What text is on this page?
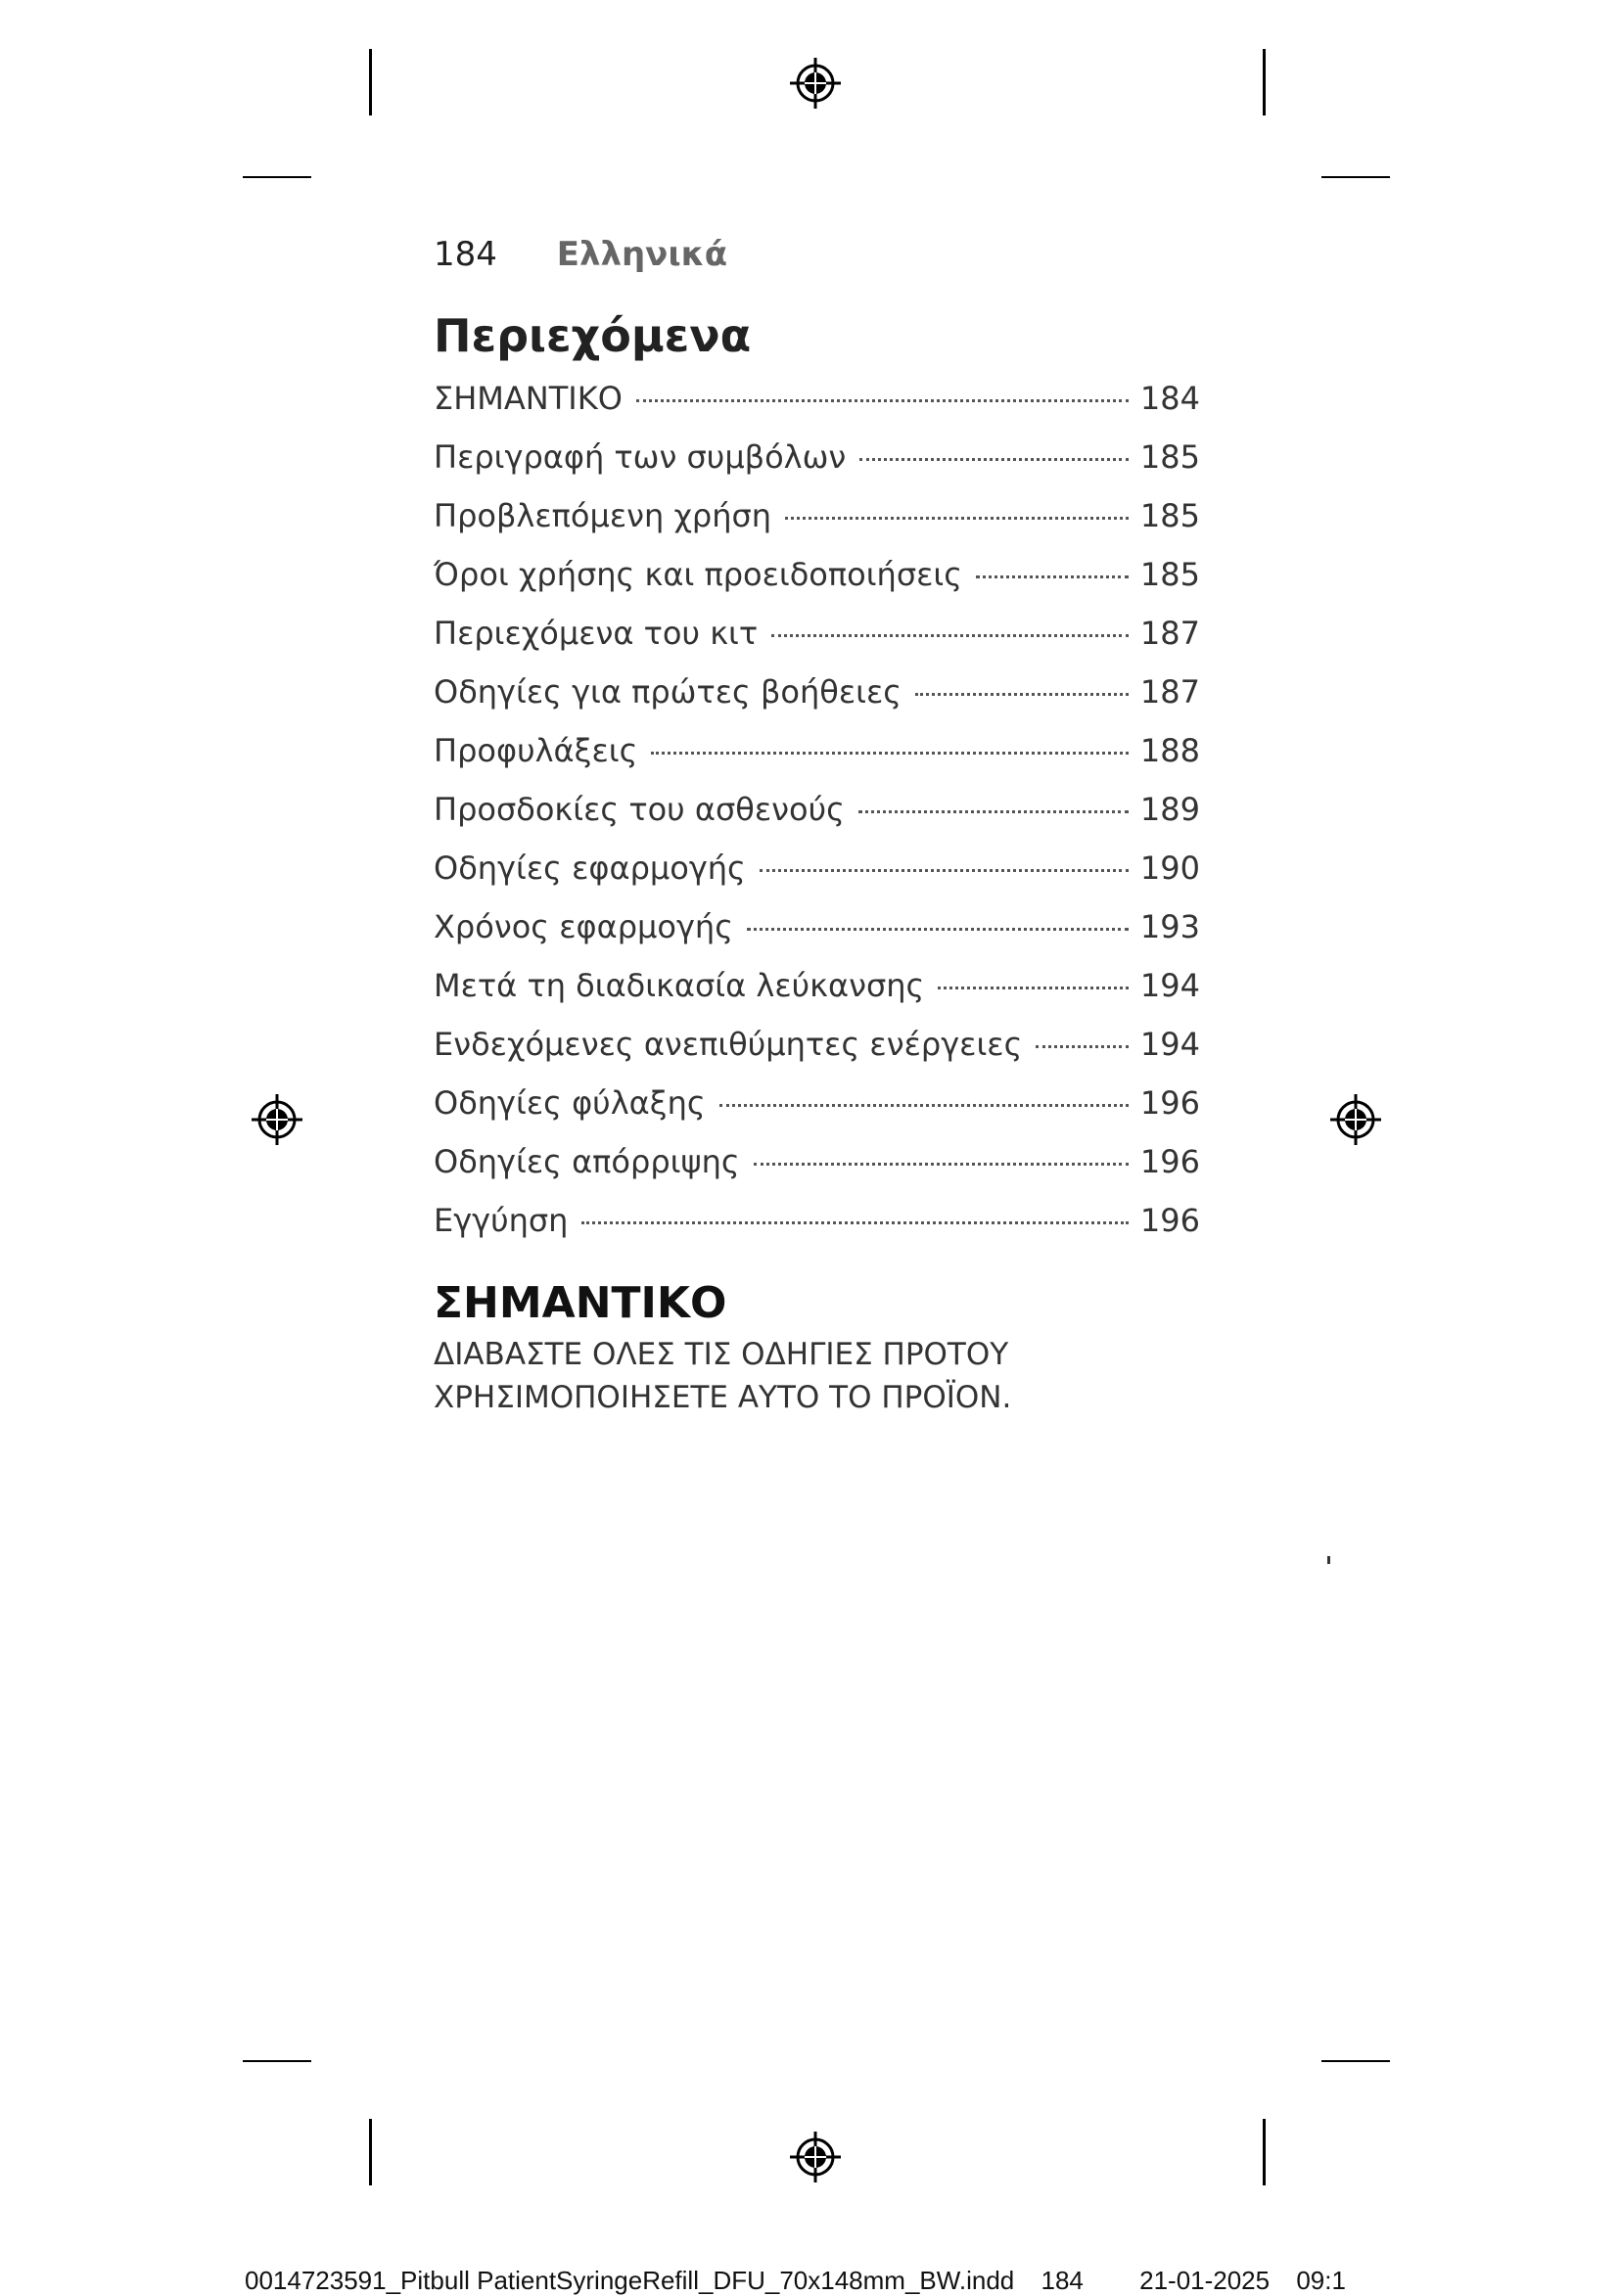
184 Ελληνικά
Περιεχόμενα
ΣΗΜΑΝΤΙΚΟ	184
Περιγραφή των συμβόλων	185
Προβλεπόμενη χρήση	185
Όροι χρήσης και προειδοποιήσεις	185
Περιεχόμενα του κιτ	187
Οδηγίες για πρώτες βοήθειες	187
Προφυλάξεις	188
Προσδοκίες του ασθενούς	189
Οδηγίες εφαρμογής	190
Χρόνος εφαρμογής	193
Μετά τη διαδικασία λεύκανσης	194
Ενδεχόμενες ανεπιθύμητες ενέργειες	194
Οδηγίες φύλαξης	196
Οδηγίες απόρριψης	196
Εγγύηση	196
ΣΗΜΑΝΤΙΚΟ
ΔΙΑΒΑΣΤΕ ΟΛΕΣ ΤΙΣ ΟΔΗΓΙΕΣ ΠΡΟΤΟΥ
ΧΡΗΣΙΜΟΠΟΙΗΣΕΤΕ ΑΥΤΟ ΤΟ ΠΡΟΪΟΝ.
0014723591_Pitbull PatientSyringeRefill_DFU_70x148mm_BW.indd 184 21-01-2025 09:1
